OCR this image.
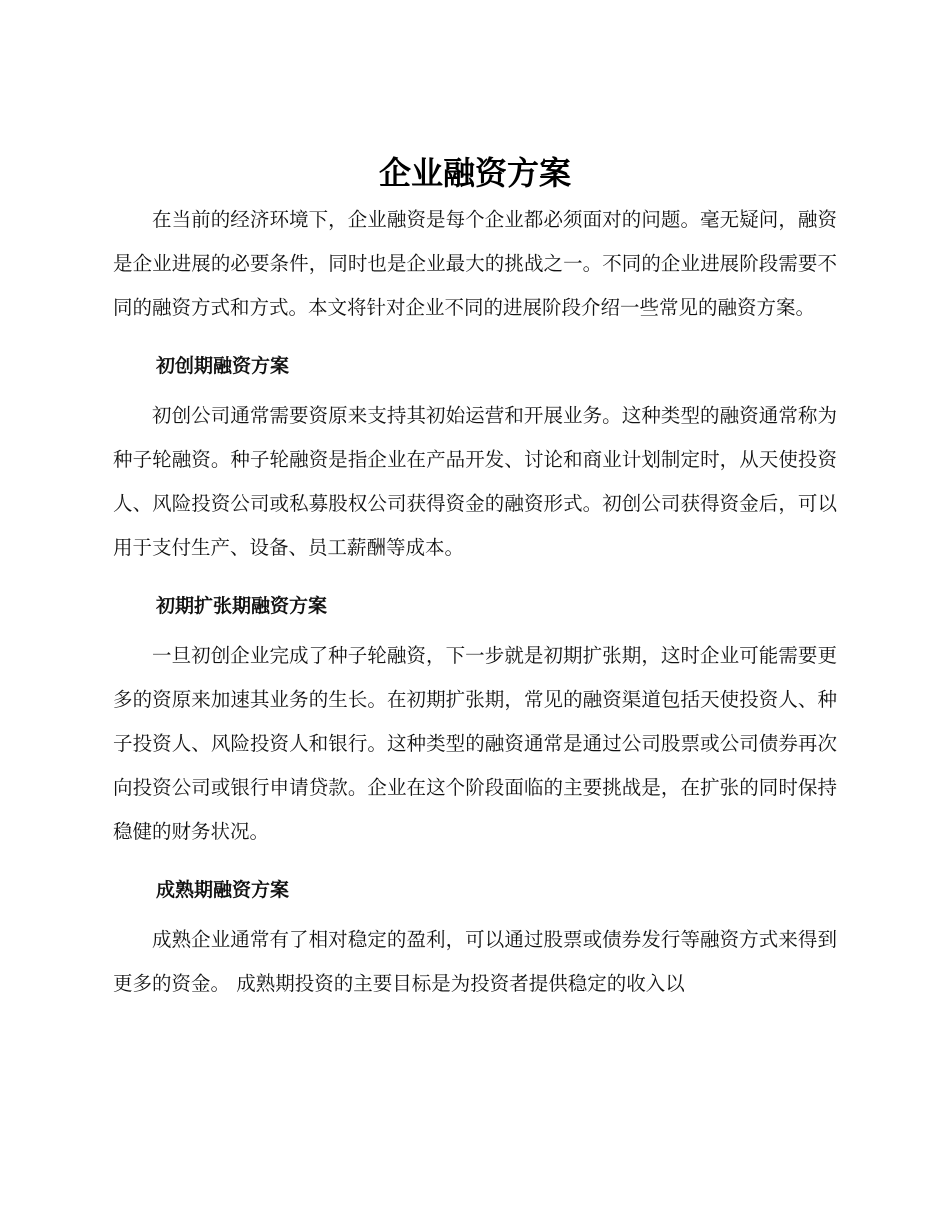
企业融资方案

在当前的经济环境下，企业融资是每个企业都必须面对的问题。毫无疑问，融资是企业进展的必要条件，同时也是企业最大的挑战之一。不同的企业进展阶段需要不同的融资方式和方式。本文将针对企业不同的进展阶段介绍一些常见的融资方案。

初创期融资方案

初创公司通常需要资原来支持其初始运营和开展业务。这种类型的融资通常称为种子轮融资。种子轮融资是指企业在产品开发、讨论和商业计划制定时，从天使投资人、风险投资公司或私募股权公司获得资金的融资形式。初创公司获得资金后，可以用于支付生产、设备、员工薪酬等成本。

初期扩张期融资方案

一旦初创企业完成了种子轮融资，下一步就是初期扩张期，这时企业可能需要更多的资原来加速其业务的生长。在初期扩张期，常见的融资渠道包括天使投资人、种子投资人、风险投资人和银行。这种类型的融资通常是通过公司股票或公司债券再次向投资公司或银行申请贷款。企业在这个阶段面临的主要挑战是，在扩张的同时保持稳健的财务状况。

成熟期融资方案

成熟企业通常有了相对稳定的盈利，可以通过股票或债券发行等融资方式来得到更多的资金。 成熟期投资的主要目标是为投资者提供稳定的收入以
